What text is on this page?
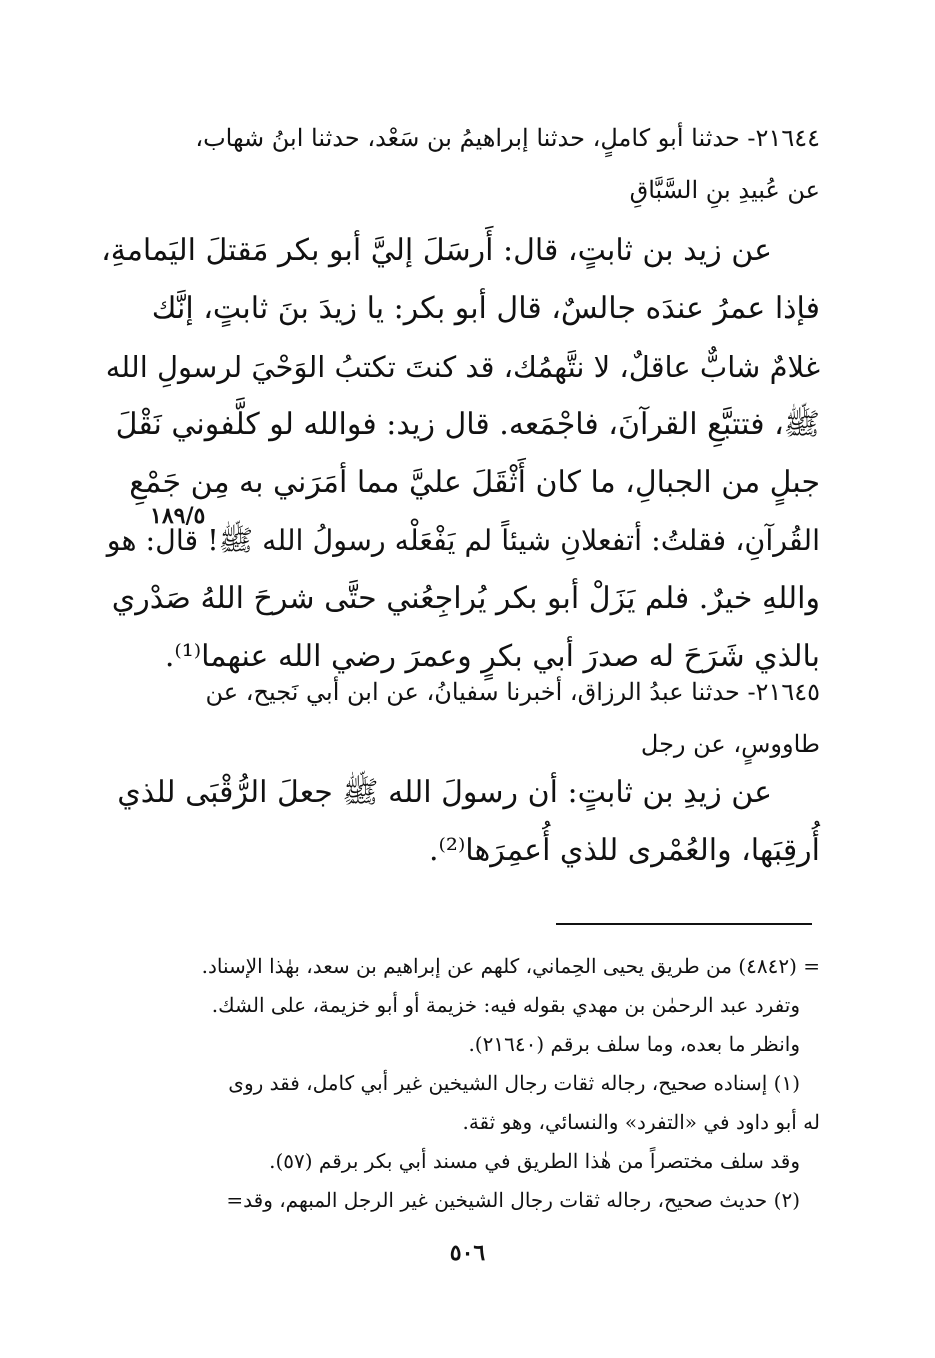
٢١٦٤٤- حدثنا أبو كاملٍ، حدثنا إبراهيمُ بن سَعْد، حدثنا ابنُ شهاب،
عن عُبيدِ بنِ السَّبَّاقِ
عن زيد بن ثابتٍ، قال: أَرسَلَ إليَّ أبو بكر مَقتلَ اليَمامةِ،
فإذا عمرُ عندَه جالسٌ، قال أبو بكر: يا زيدَ بنَ ثابتٍ، إنَّك
غلامٌ شابٌّ عاقلٌ، لا نتَّهمُك، قد كنتَ تكتبُ الوَحْيَ لرسولِ الله
ﷺ، فتتبَّعِ القرآنَ، فاجْمَعه. قال زيد: فوالله لو كلَّفوني نَقْلَ
جبلٍ من الجبالِ، ما كان أَثْقَلَ عليَّ مما أمَرَني به مِن جَمْعِ
القُرآنِ، فقلتُ: أتفعلانِ شيئاً لم يَفْعَلْه رسولُ الله ﷺ! قال: هو
واللهِ خيرٌ. فلم يَزَلْ أبو بكر يُراجِعُني حتَّى شرحَ اللهُ صَدْري
بالذي شَرَحَ له صدرَ أبي بكرٍ وعمرَ رضي الله عنهما⁽¹⁾.
١٨٩/٥
٢١٦٤٥- حدثنا عبدُ الرزاق، أخبرنا سفيانُ، عن ابن أبي نَجيح، عن
طاووسٍ، عن رجل
عن زيدِ بن ثابتٍ: أن رسولَ الله ﷺ جعلَ الرُّقْبَى للذي
أُرقِبَها، والعُمْرى للذي أُعمِرَها⁽²⁾.
= (٤٨٤٢) من طريق يحيى الحِماني، كلهم عن إبراهيم بن سعد، بهٰذا الإسناد.
وتفرد عبد الرحمٰن بن مهدي بقوله فيه: خزيمة أو أبو خزيمة، على الشك.
وانظر ما بعده، وما سلف برقم (٢١٦٤٠).
(١) إسناده صحيح، رجاله ثقات رجال الشيخين غير أبي كامل، فقد روى
له أبو داود في «التفرد» والنسائي، وهو ثقة.
وقد سلف مختصراً من هٰذا الطريق في مسند أبي بكر برقم (٥٧).
(٢) حديث صحيح، رجاله ثقات رجال الشيخين غير الرجل المبهم، وقد=
٥٠٦
